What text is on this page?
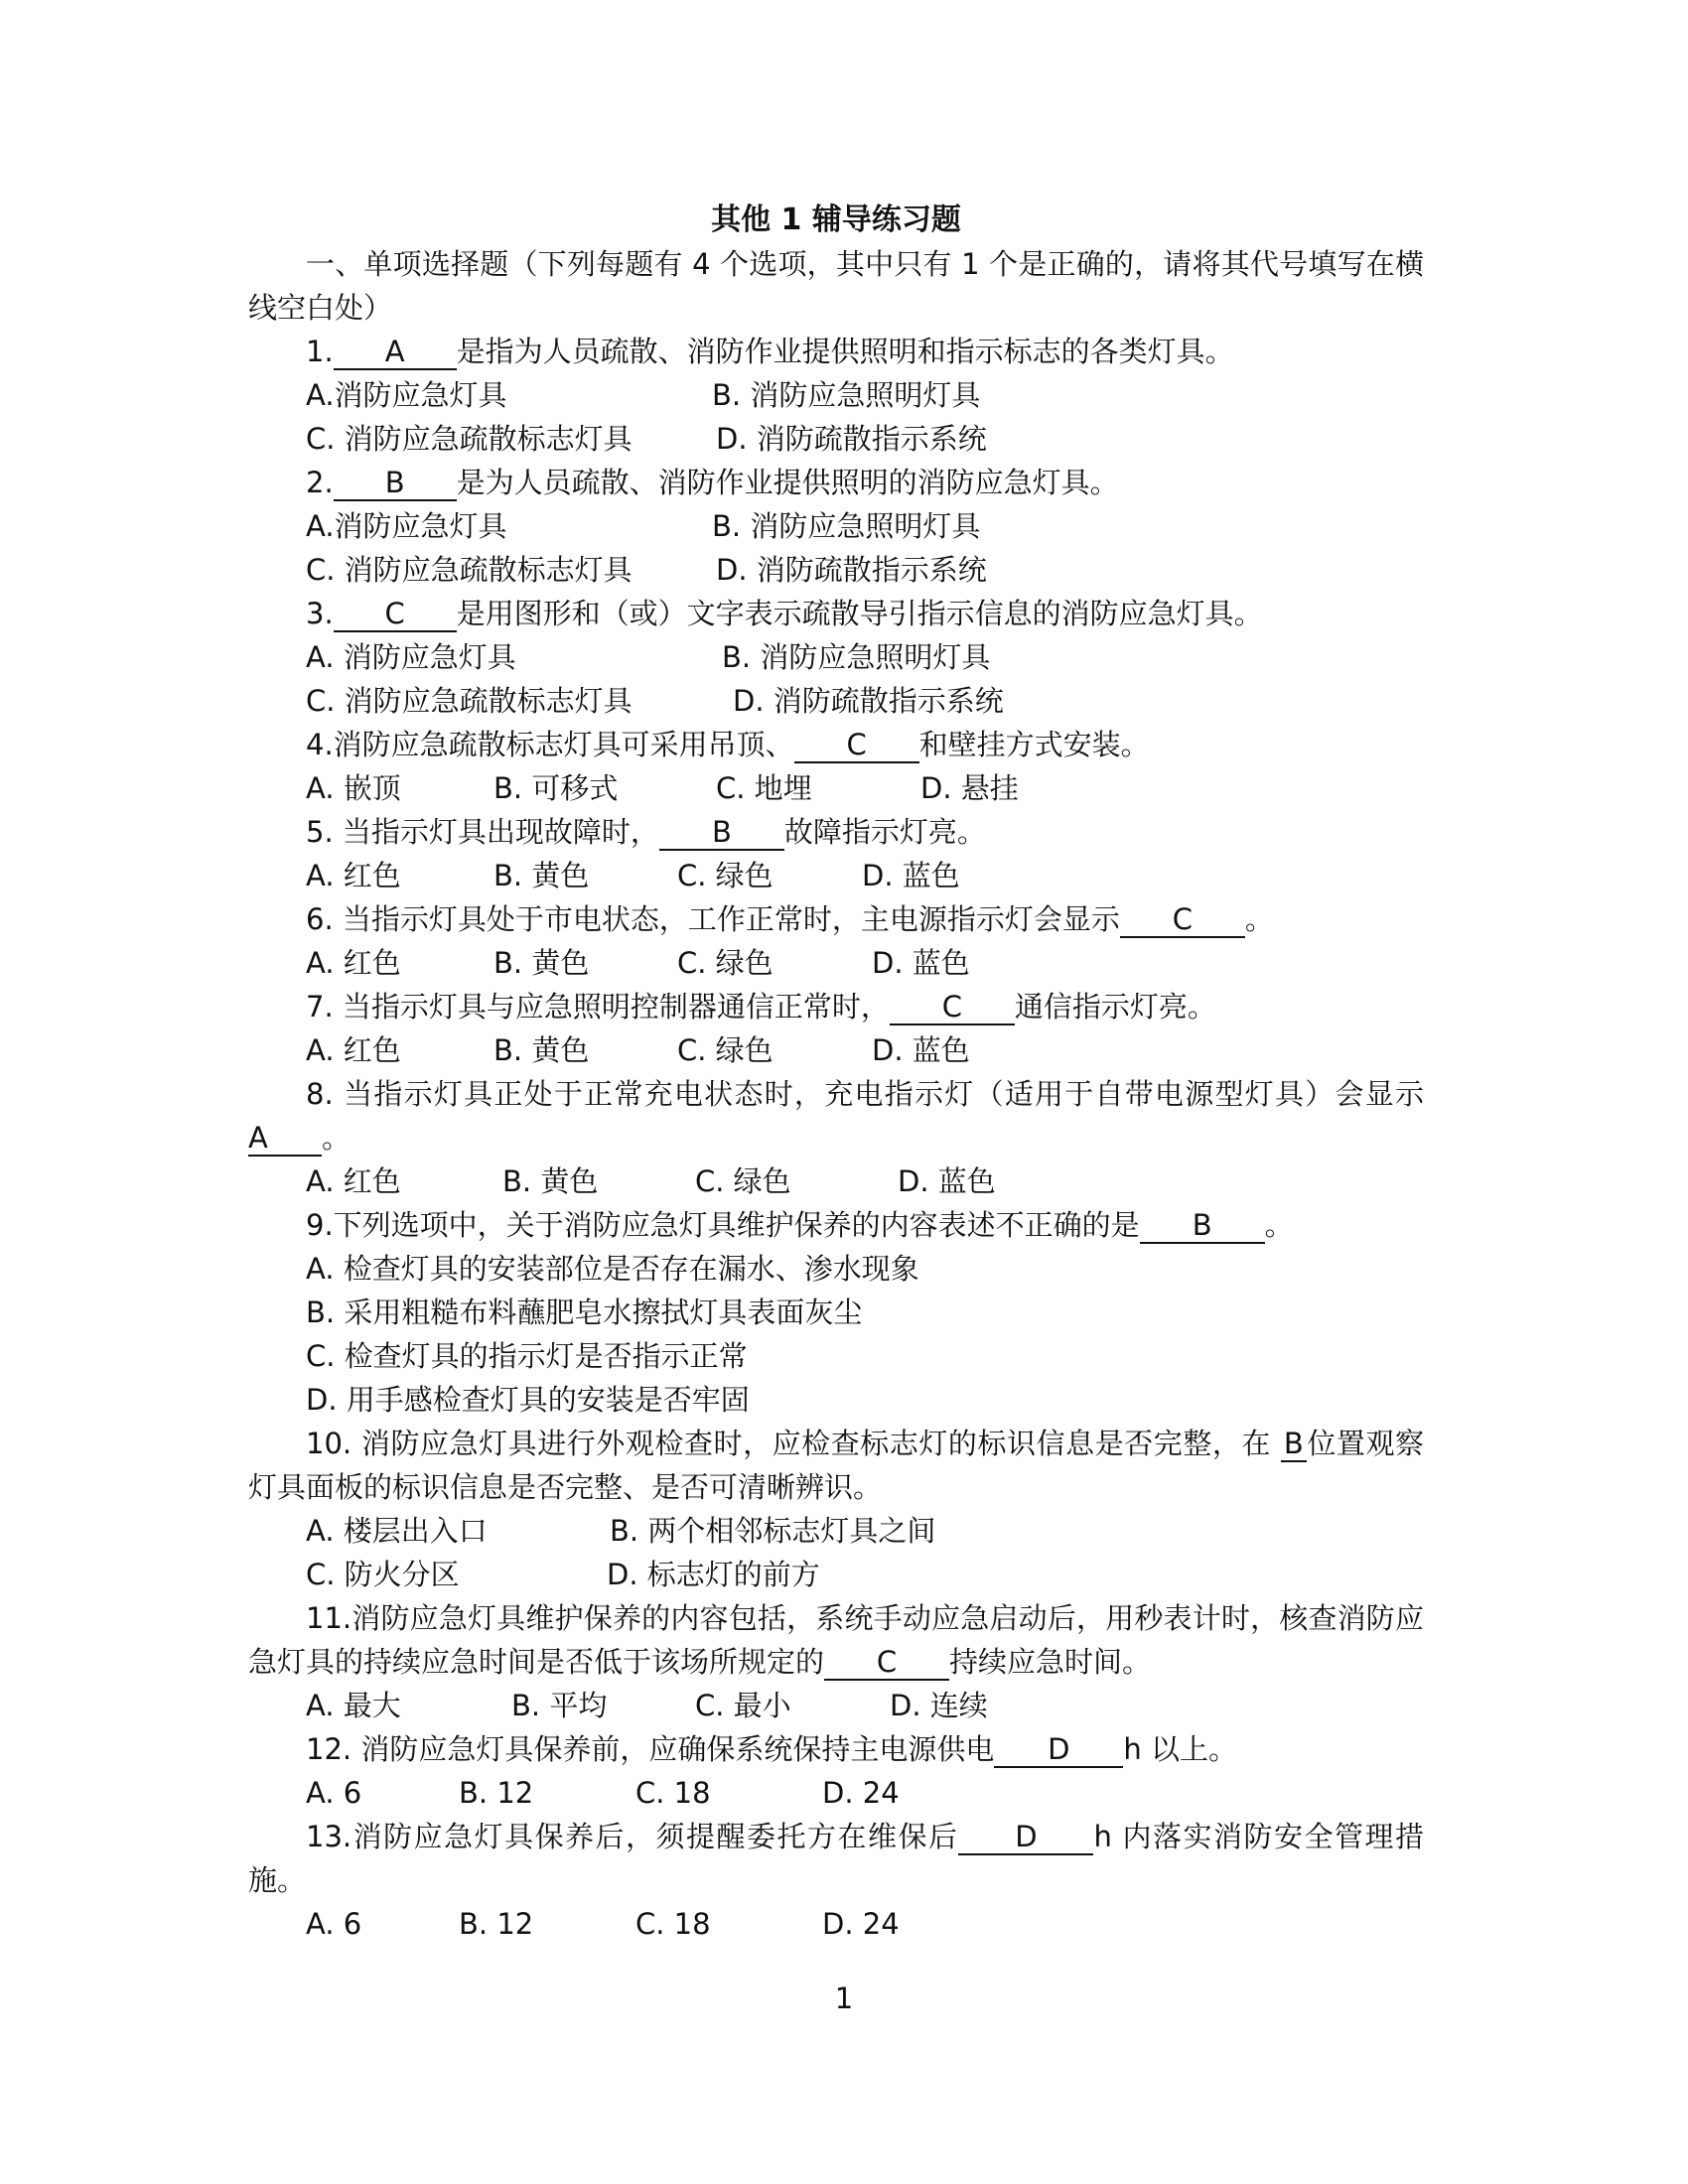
其他 1 辅导练习题
一、单项选择题（下列每题有 4 个选项，其中只有 1 个是正确的，请将其代号填写在横线空白处）
1. A 是指为人员疏散、消防作业提供照明和指示标志的各类灯具。
A.消防应急灯具	B. 消防应急照明灯具
C. 消防应急疏散标志灯具	D. 消防疏散指示系统
2. B 是为人员疏散、消防作业提供照明的消防应急灯具。
A.消防应急灯具	B. 消防应急照明灯具
C. 消防应急疏散标志灯具	D. 消防疏散指示系统
3. C 是用图形和（或）文字表示疏散导引指示信息的消防应急灯具。
A. 消防应急灯具	B. 消防应急照明灯具
C. 消防应急疏散标志灯具	D. 消防疏散指示系统
4.消防应急疏散标志灯具可采用吊顶、 C 和壁挂方式安装。
A. 嵌顶	B. 可移式	C. 地埋	D. 悬挂
5. 当指示灯具出现故障时， B 故障指示灯亮。
A. 红色	B. 黄色	C. 绿色	D. 蓝色
6. 当指示灯具处于市电状态，工作正常时，主电源指示灯会显示 C 。
A. 红色	B. 黄色	C. 绿色	D. 蓝色
7. 当指示灯具与应急照明控制器通信正常时， C 通信指示灯亮。
A. 红色	B. 黄色	C. 绿色	D. 蓝色
8. 当指示灯具正处于正常充电状态时，充电指示灯（适用于自带电源型灯具）会显示A 。
A. 红色	B. 黄色	C. 绿色	D. 蓝色
9.下列选项中，关于消防应急灯具维护保养的内容表述不正确的是 B 。
A. 检查灯具的安装部位是否存在漏水、渗水现象
B. 采用粗糙布料蘸肥皂水擦拭灯具表面灰尘
C. 检查灯具的指示灯是否指示正常
D. 用手感检查灯具的安装是否牢固
10. 消防应急灯具进行外观检查时，应检查标志灯的标识信息是否完整，在 B 位置观察灯具面板的标识信息是否完整、是否可清晰辨识。
A. 楼层出入口	B. 两个相邻标志灯具之间
C. 防火分区	D. 标志灯的前方
11.消防应急灯具维护保养的内容包括，系统手动应急启动后，用秒表计时，核查消防应急灯具的持续应急时间是否低于该场所规定的 C 持续应急时间。
A. 最大	B. 平均	C. 最小	D. 连续
12. 消防应急灯具保养前，应确保系统保持主电源供电 D h 以上。
A. 6	B. 12	C. 18	D. 24
13.消防应急灯具保养后，须提醒委托方在维保后 D h 内落实消防安全管理措施。
A. 6	B. 12	C. 18	D. 24
1
